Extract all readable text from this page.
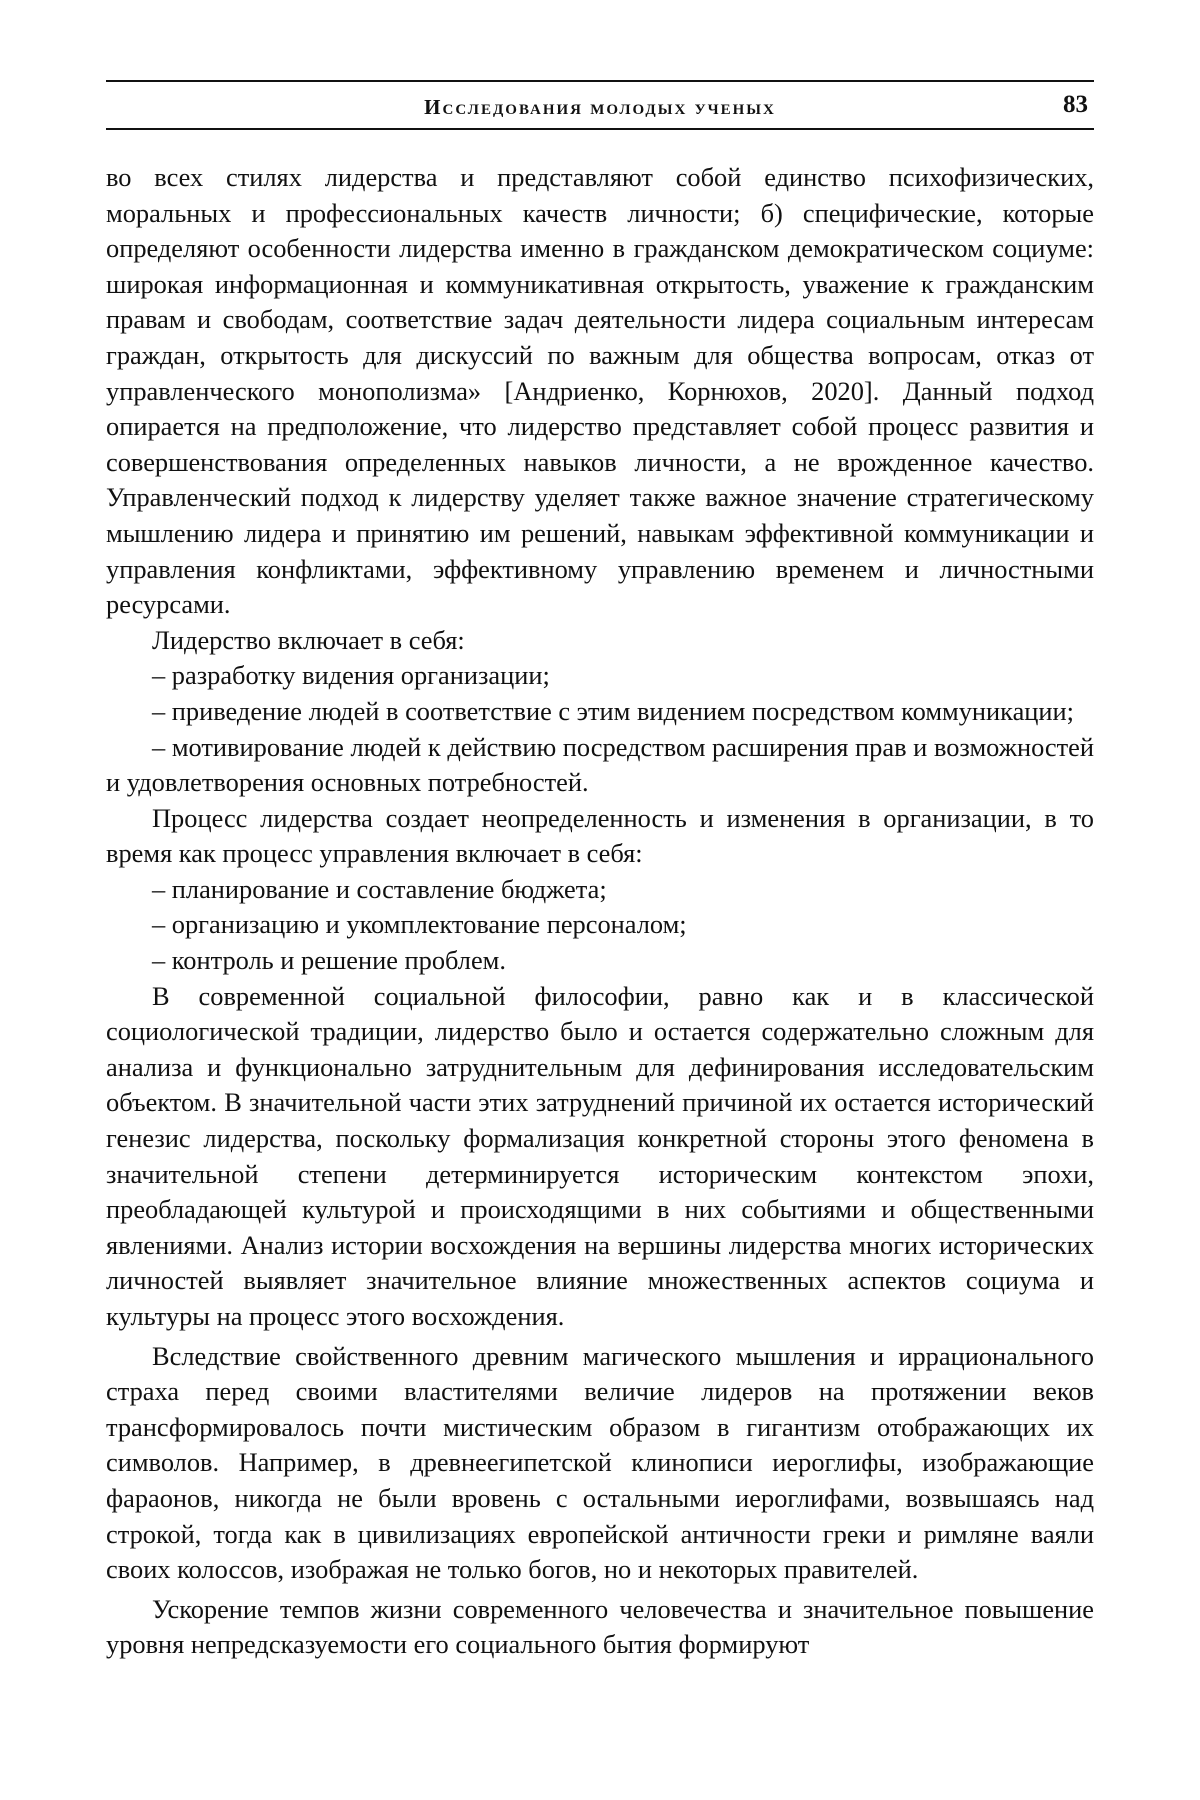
Исследования молодых ученых	83

во всех стилях лидерства и представляют собой единство психофизических, моральных и профессиональных качеств личности; б) специфические, которые определяют особенности лидерства именно в гражданском демократическом социуме: широкая информационная и коммуникативная открытость, уважение к гражданским правам и свободам, соответствие задач деятельности лидера социальным интересам граждан, открытость для дискуссий по важным для общества вопросам, отказ от управленческого монополизма» [Андриенко, Корнюхов, 2020]. Данный подход опирается на предположение, что лидерство представляет собой процесс развития и совершенствования определенных навыков личности, а не врожденное качество. Управленческий подход к лидерству уделяет также важное значение стратегическому мышлению лидера и принятию им решений, навыкам эффективной коммуникации и управления конфликтами, эффективному управлению временем и личностными ресурсами.

Лидерство включает в себя:

– разработку видения организации;

– приведение людей в соответствие с этим видением посредством коммуникации;

– мотивирование людей к действию посредством расширения прав и возможностей и удовлетворения основных потребностей.

Процесс лидерства создает неопределенность и изменения в организации, в то время как процесс управления включает в себя:

– планирование и составление бюджета;

– организацию и укомплектование персоналом;

– контроль и решение проблем.

В современной социальной философии, равно как и в классической социологической традиции, лидерство было и остается содержательно сложным для анализа и функционально затруднительным для дефинирования исследовательским объектом. В значительной части этих затруднений причиной их остается исторический генезис лидерства, поскольку формализация конкретной стороны этого феномена в значительной степени детерминируется историческим контекстом эпохи, преобладающей культурой и происходящими в них событиями и общественными явлениями. Анализ истории восхождения на вершины лидерства многих исторических личностей выявляет значительное влияние множественных аспектов социума и культуры на процесс этого восхождения.

Вследствие свойственного древним магического мышления и иррационального страха перед своими властителями величие лидеров на протяжении веков трансформировалось почти мистическим образом в гигантизм отображающих их символов. Например, в древнеегипетской клинописи иероглифы, изображающие фараонов, никогда не были вровень с остальными иероглифами, возвышаясь над строкой, тогда как в цивилизациях европейской античности греки и римляне ваяли своих колоссов, изображая не только богов, но и некоторых правителей.

Ускорение темпов жизни современного человечества и значительное повышение уровня непредсказуемости его социального бытия формируют
